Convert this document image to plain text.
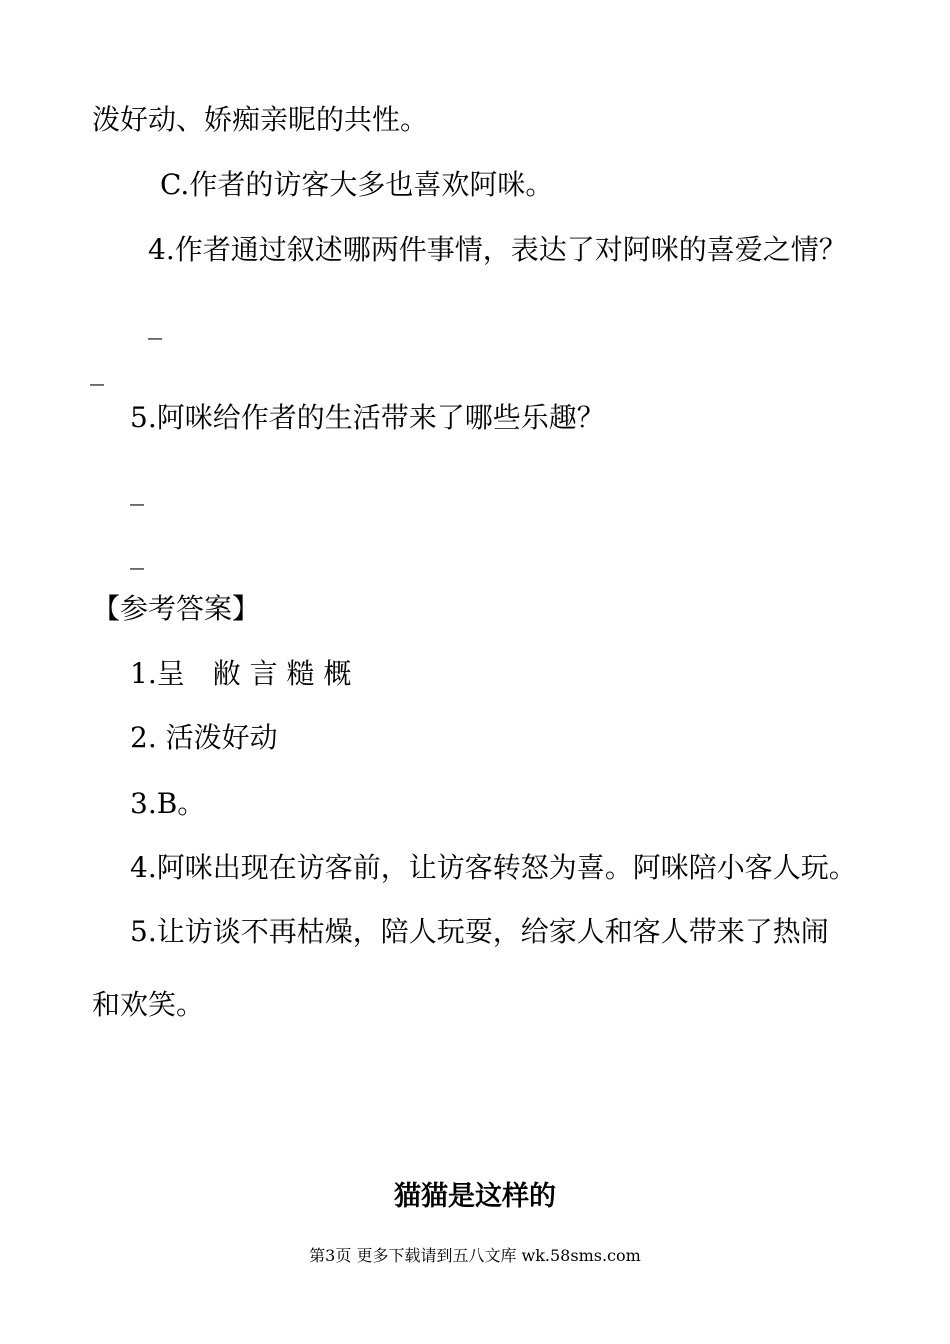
泼好动、娇痴亲昵的共性。
C.作者的访客大多也喜欢阿咪。
4.作者通过叙述哪两件事情，表达了对阿咪的喜爱之情？
_
_
5.阿咪给作者的生活带来了哪些乐趣？
_
_
【参考答案】
1.呈　敝 言 糙 概
2. 活泼好动
3.B。
4.阿咪出现在访客前，让访客转怒为喜。阿咪陪小客人玩。
5.让访谈不再枯燥，陪人玩耍，给家人和客人带来了热闹
和欢笑。
猫猫是这样的
第3页 更多下载请到五八文库 wk.58sms.com
